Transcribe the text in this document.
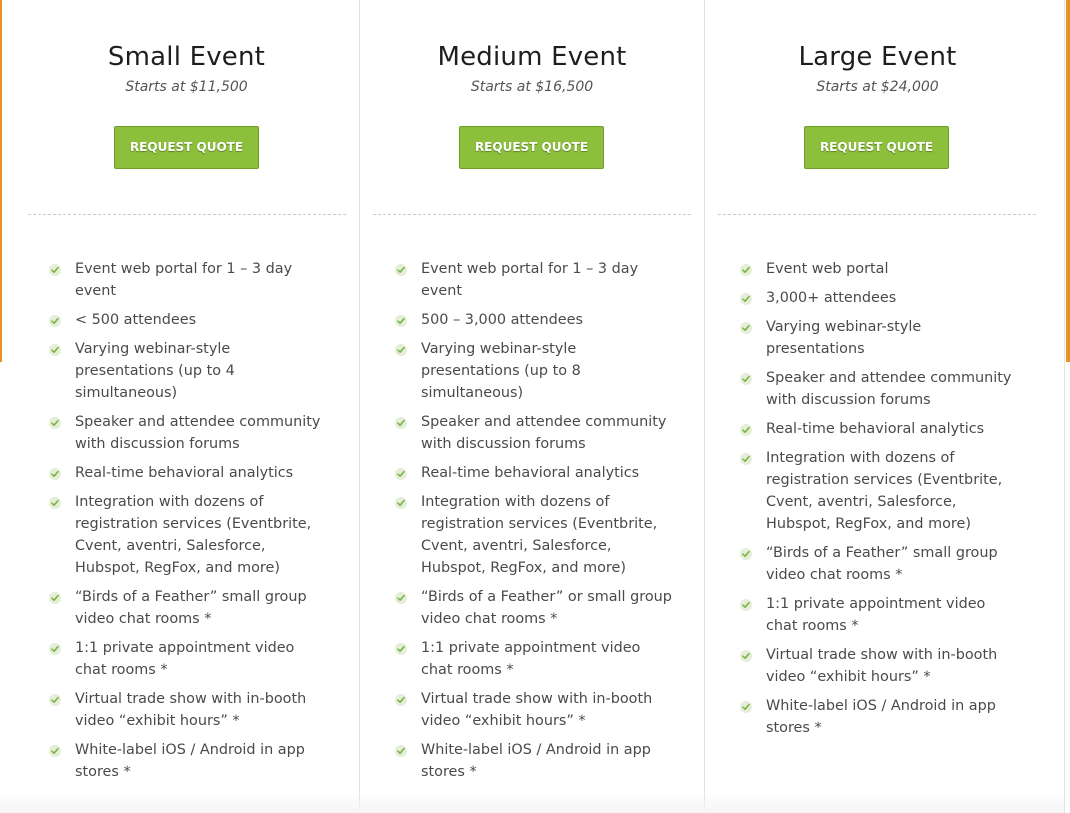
Small Event
Starts at $11,500
REQUEST QUOTE
Event web portal for 1 – 3 day event
< 500 attendees
Varying webinar-style presentations (up to 4 simultaneous)
Speaker and attendee community with discussion forums
Real-time behavioral analytics
Integration with dozens of registration services (Eventbrite, Cvent, aventri, Salesforce, Hubspot, RegFox, and more)
“Birds of a Feather” small group video chat rooms *
1:1 private appointment video chat rooms *
Virtual trade show with in-booth video “exhibit hours” *
White-label iOS / Android in app stores *
Medium Event
Starts at $16,500
REQUEST QUOTE
Event web portal for 1 – 3 day event
500 – 3,000 attendees
Varying webinar-style presentations (up to 8 simultaneous)
Speaker and attendee community with discussion forums
Real-time behavioral analytics
Integration with dozens of registration services (Eventbrite, Cvent, aventri, Salesforce, Hubspot, RegFox, and more)
“Birds of a Feather” or small group video chat rooms *
1:1 private appointment video chat rooms *
Virtual trade show with in-booth video “exhibit hours” *
White-label iOS / Android in app stores *
Large Event
Starts at $24,000
REQUEST QUOTE
Event web portal
3,000+ attendees
Varying webinar-style presentations
Speaker and attendee community with discussion forums
Real-time behavioral analytics
Integration with dozens of registration services (Eventbrite, Cvent, aventri, Salesforce, Hubspot, RegFox, and more)
“Birds of a Feather” small group video chat rooms *
1:1 private appointment video chat rooms *
Virtual trade show with in-booth video “exhibit hours” *
White-label iOS / Android in app stores *
